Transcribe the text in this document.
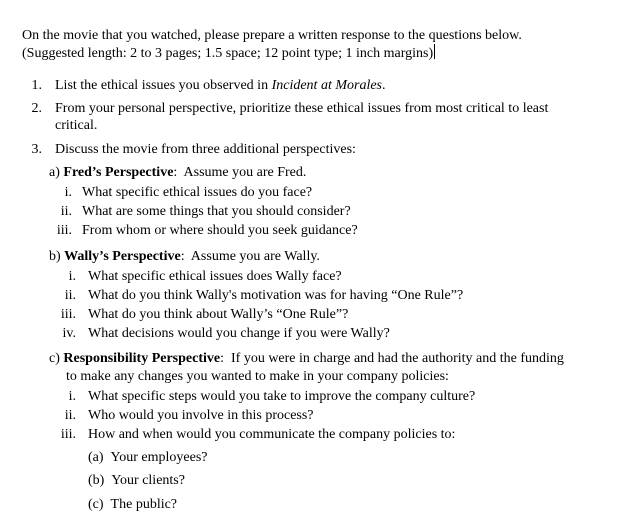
On the movie that you watched, please prepare a written response to the questions below.
(Suggested length: 2 to 3 pages; 1.5 space; 12 point type; 1 inch margins)
1. List the ethical issues you observed in Incident at Morales.
2. From your personal perspective, prioritize these ethical issues from most critical to least
critical.
3. Discuss the movie from three additional perspectives:
a) Fred’s Perspective:  Assume you are Fred.
i. What specific ethical issues do you face?
ii. What are some things that you should consider?
iii. From whom or where should you seek guidance?
b) Wally’s Perspective:  Assume you are Wally.
i. What specific ethical issues does Wally face?
ii. What do you think Wally's motivation was for having “One Rule”?
iii. What do you think about Wally’s “One Rule”?
iv. What decisions would you change if you were Wally?
c) Responsibility Perspective:  If you were in charge and had the authority and the funding
to make any changes you wanted to make in your company policies:
i. What specific steps would you take to improve the company culture?
ii. Who would you involve in this process?
iii. How and when would you communicate the company policies to:
(a) Your employees?
(b) Your clients?
(c) The public?
